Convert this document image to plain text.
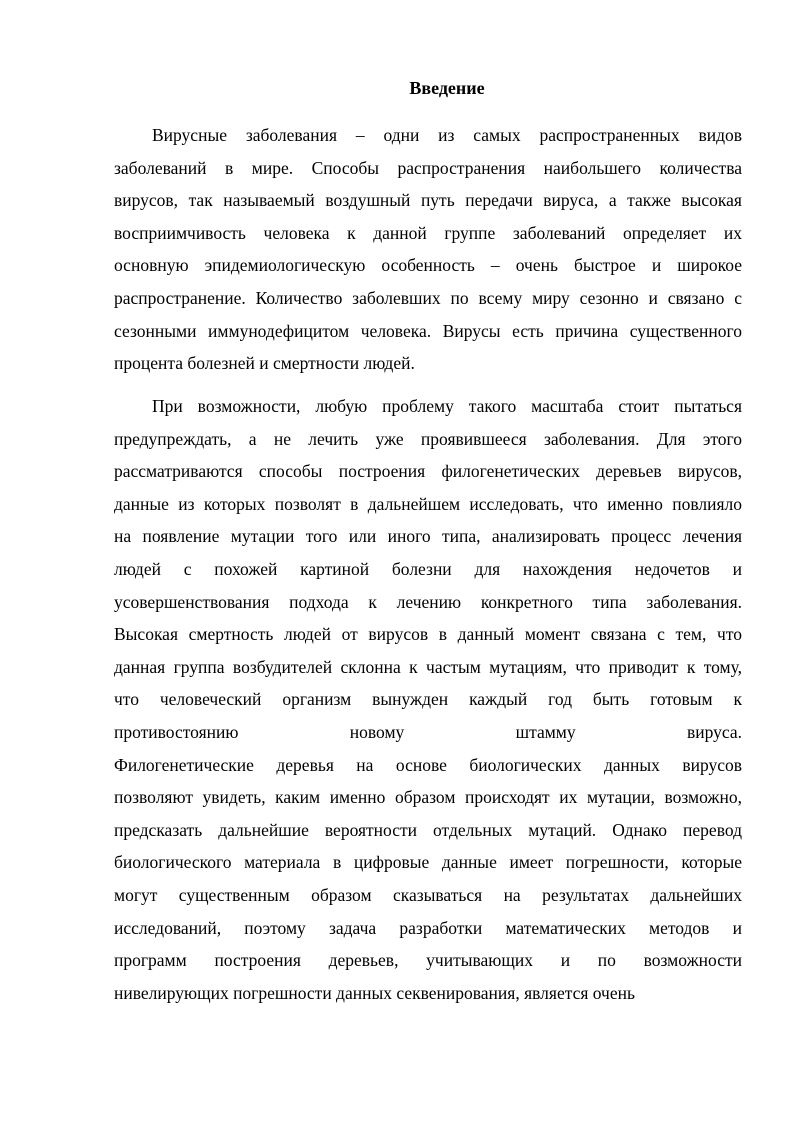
Введение
Вирусные заболевания – одни из самых распространенных видов
заболеваний в мире. Способы распространения наибольшего количества
вирусов, так называемый воздушный путь передачи вируса, а также высокая
восприимчивость человека к данной группе заболеваний определяет их
основную эпидемиологическую особенность – очень быстрое и широкое
распространение. Количество заболевших по всему миру сезонно и связано с
сезонными иммунодефицитом человека. Вирусы есть причина существенного
процента болезней и смертности людей.
При возможности, любую проблему такого масштаба стоит пытаться
предупреждать, а не лечить уже проявившееся заболевания. Для этого
рассматриваются способы построения филогенетических деревьев вирусов,
данные из которых позволят в дальнейшем исследовать, что именно повлияло
на появление мутации того или иного типа, анализировать процесс лечения
людей с похожей картиной болезни для нахождения недочетов и
усовершенствования подхода к лечению конкретного типа заболевания.
Высокая смертность людей от вирусов в данный момент связана с тем, что
данная группа возбудителей склонна к частым мутациям, что приводит к тому,
что человеческий организм вынужден каждый год быть готовым к
противостоянию новому штамму вируса.
Филогенетические деревья на основе биологических данных вирусов
позволяют увидеть, каким именно образом происходят их мутации, возможно,
предсказать дальнейшие вероятности отдельных мутаций. Однако перевод
биологического материала в цифровые данные имеет погрешности, которые
могут существенным образом сказываться на результатах дальнейших
исследований, поэтому задача разработки математических методов и
программ построения деревьев, учитывающих и по возможности
нивелирующих погрешности данных секвенирования, является очень
